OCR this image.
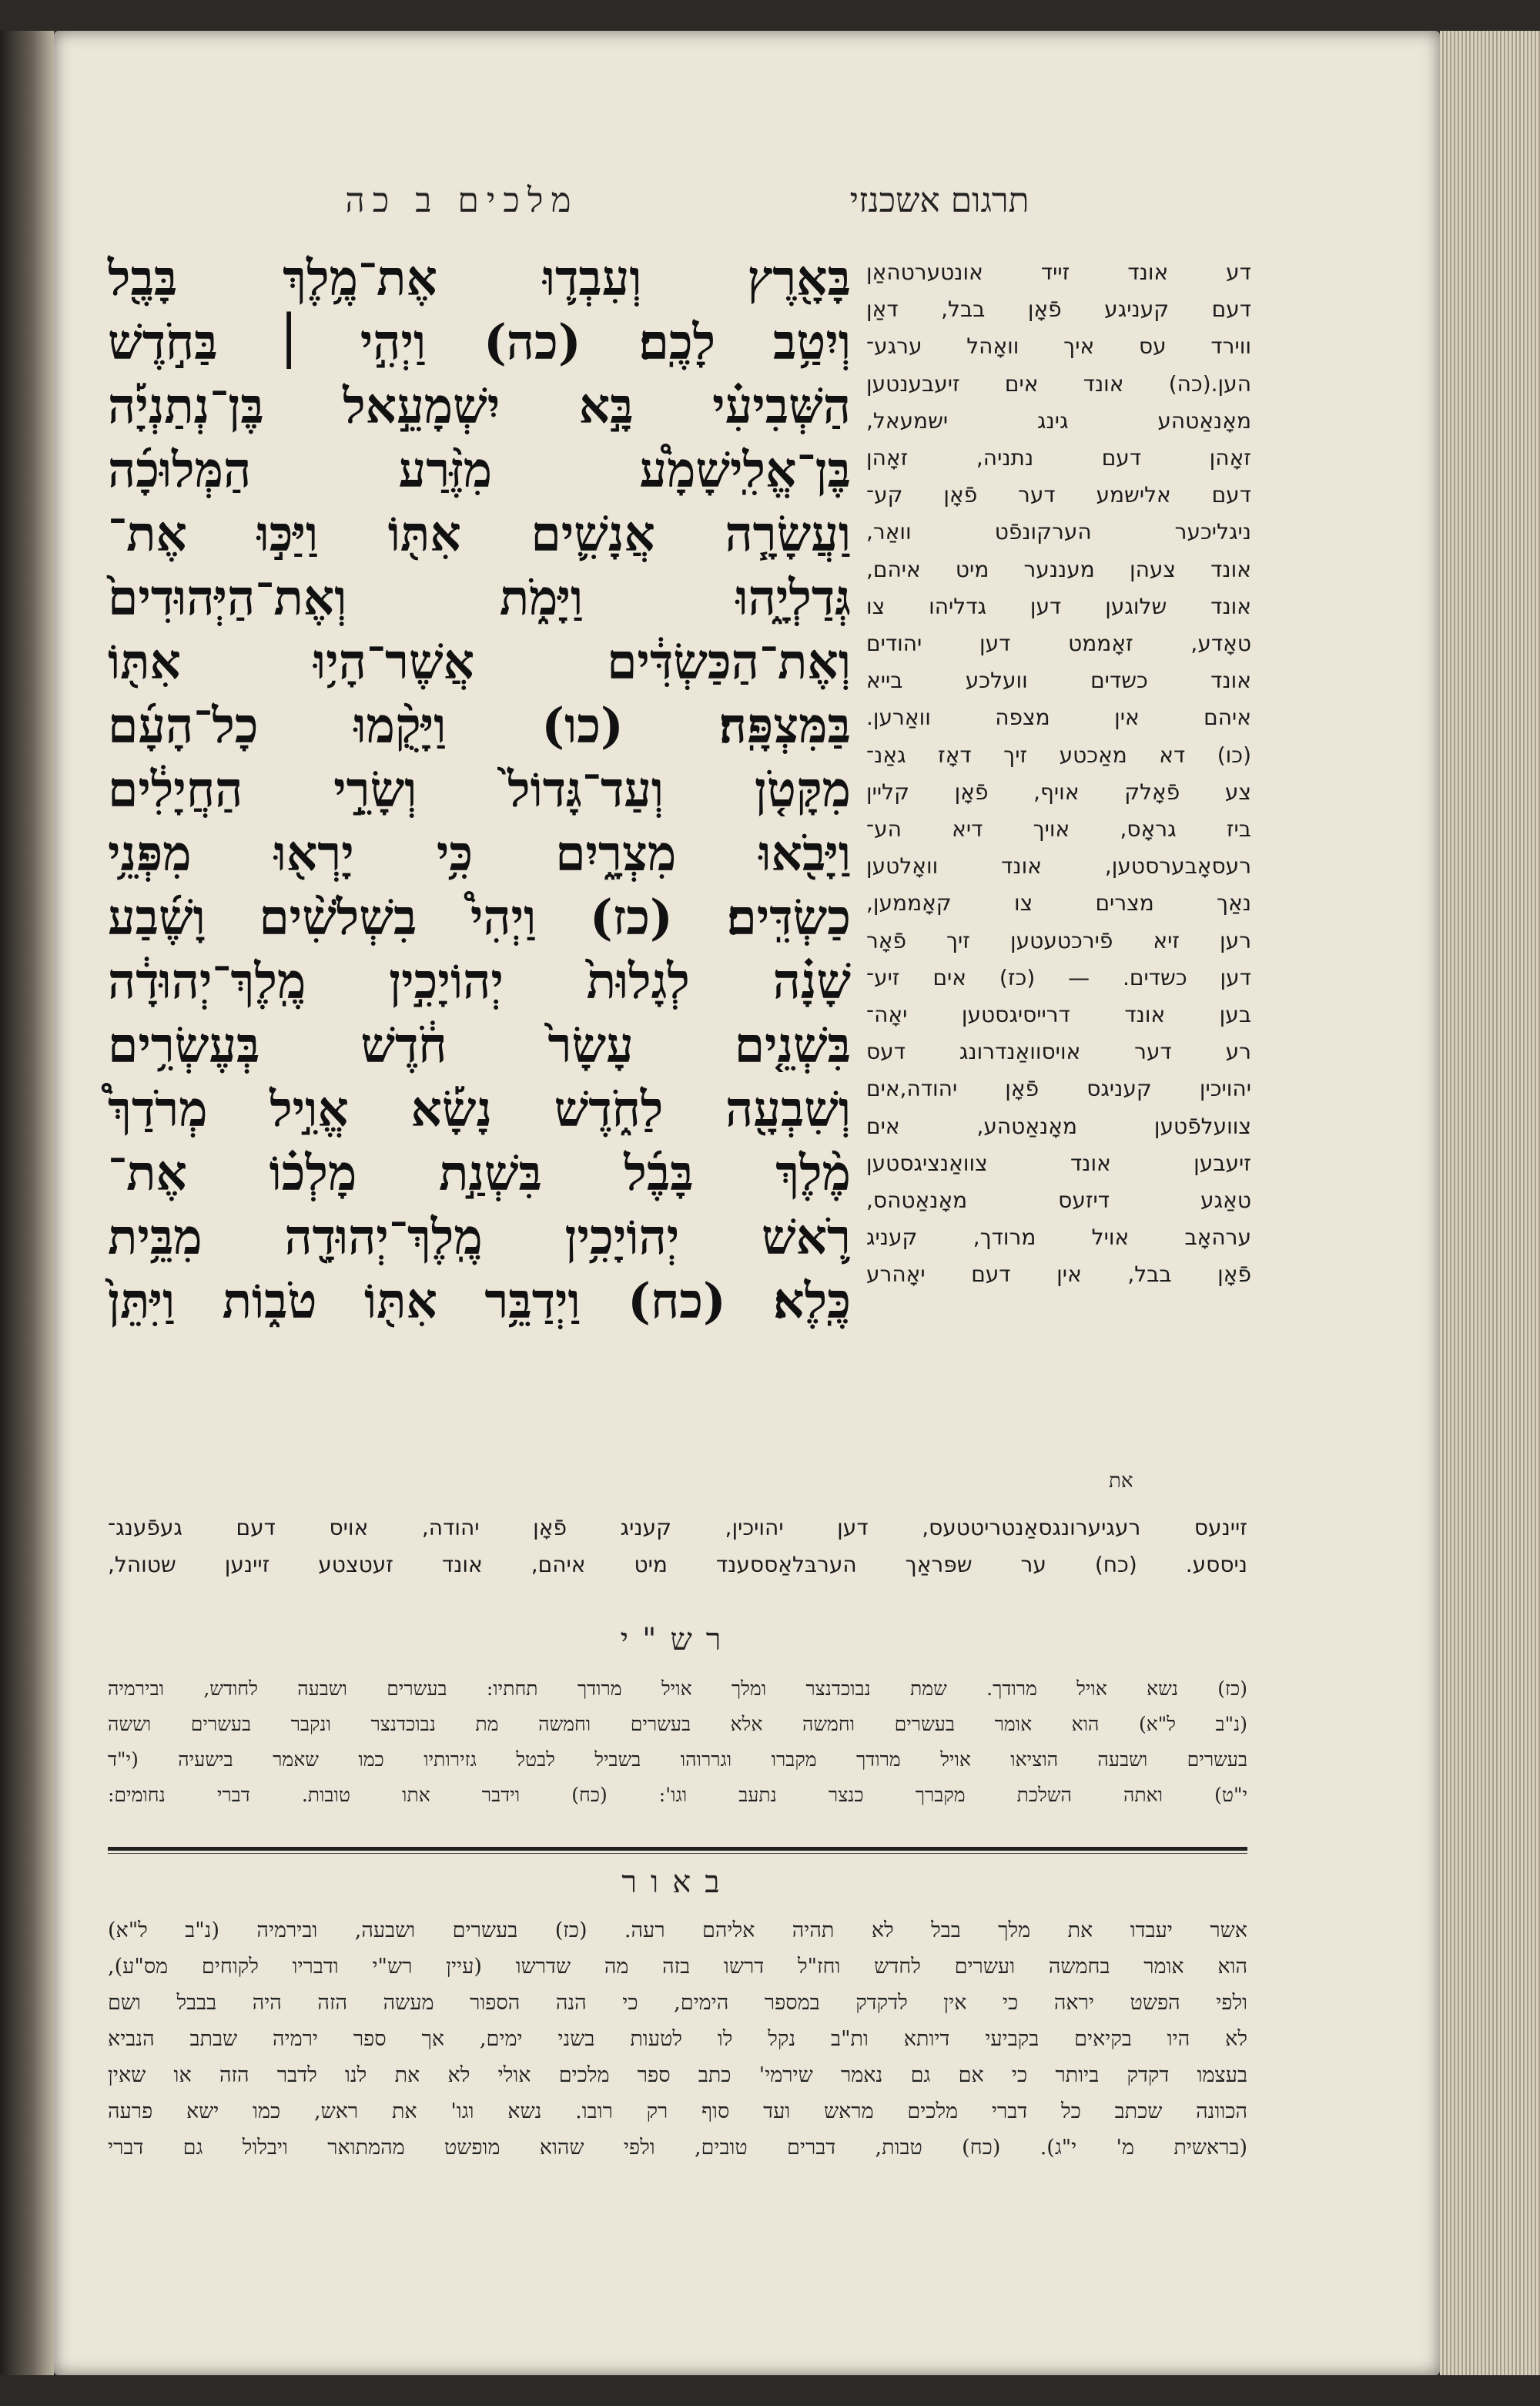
תרגום אשכנזי
מלכים ב כה
בָּאָ֖רֶץ וְעִבְד֛וּ אֶת־מֶ֥לֶךְ בָּבֶ֖ל
וְיִטַ֥ב לָכֶֽם׃ (כה) וַיְהִ֣י ׀ בַּחֹ֣דֶשׁ
הַשְּׁבִיעִ֗י בָּ֣א יִשְׁמָעֵ֣אל בֶּן־נְתַנְיָ֡ה
בֶּן־אֱלִֽישָׁמָ֩ע מִזֶּ֨רַע הַמְּלוּכָ֜ה
וַעֲשָׂרָ֧ה אֲנָשִׁ֛ים אִתּ֖וֹ וַיַּכּ֣וּ אֶת־
גְּדַלְיָ֑הוּ וַיָּמֹ֑ת וְאֶת־הַיְּהוּדִים֙
וְאֶת־הַכַּשְׂדִּ֔ים אֲשֶׁר־הָי֥וּ אִתּ֖וֹ
בַּמִּצְפָּֽה׃ (כו) וַיָּקֻ֨מוּ כָל־הָעָ֜ם
מִקָּטֹ֤ן וְעַד־גָּדוֹל֙ וְשָׂרֵ֣י הַחֲיָלִ֔ים
וַיָּבֹ֖אוּ מִצְרָ֑יִם כִּ֥י יָרְא֖וּ מִפְּנֵ֥י
כַשְׂדִּֽים׃ (כז) וַיְהִי֩ בִשְׁלֹשִׁ֨ים וָשֶׁ֜בַע
שָׁנָ֗ה לְגָלוּת֙ יְהוֹיָכִ֣ין מֶֽלֶךְ־יְהוּדָ֔ה
בִּשְׁנֵ֤ים עָשָׂר֙ חֹ֔דֶשׁ בְּעֶשְׂרִ֥ים
וְשִׁבְעָ֖ה לַחֹ֑דֶשׁ נָשָׂ֡א אֱוִ֣יל מְרֹדַךְ֩
מֶ֨לֶךְ בָּבֶ֜ל בִּשְׁנַ֣ת מָלְכ֗וֹ אֶת־
רֹ֛אשׁ יְהוֹיָכִ֥ין מֶֽלֶךְ־יְהוּדָ֖ה מִבֵּ֥ית
כֶּֽלֶא׃ (כח) וַיְדַבֵּ֥ר אִתּ֖וֹ טֹב֑וֹת וַיִּתֵּן֙
את
דע אונד זייד אונטערטהאַן
דעם קעניגע פֿאָן בבל, דאַן
ווירד עס איך וואָהל ערגע־
הען.(כה) אונד אים זיעבענטען
מאָנאַטהע גינג ישמעאל,
זאָהן דעם נתניה, זאָהן
דעם אלישמע דער פֿאָן קע־
ניגליכער הערקונפֿט וואַר,
אונד צעהן מעננער מיט איהם,
אונד שלוגען דען גדליהו צו
טאָדע, זאָממט דען יהודים
אונד כשדים וועלכע בייא
איהם אין מצפה וואַרען.
(כו) דא מאַכטע זיך דאָז גאַנ־
צע פֿאָלק אויף, פֿאָן קליין
ביז גראָס, אויך דיא הע־
רעסאָבערסטען, אונד וואָלטען
נאַך מצרים צו קאָממען,
רען זיא פֿירכטעטען זיך פֿאָר
דען כשדים. — (כז) אים זיע־
בען אונד דרייסיגסטען יאָה־
רע דער אויסוואַנדרונג דעס
יהויכין קעניגס פֿאָן יהודה,אים
צוועלפֿטען מאָנאַטהע, אים
זיעבען אונד צוואַנציגסטען
טאַגע דיזעס מאָנאַטהס,
ערהאָב אויל מרודך, קעניג
פֿאָן בבל, אין דעם יאָהרע
זיינעס רעגיערונגסאַנטריטטעס, דען יהויכין, קעניג פֿאָן יהודה, אויס דעם געפֿענג־
ניססע. (כח) ער שפּראַך הערבּלאַססענד מיט איהם, אונד זעטצטע זיינען שטוהל,
רש"י
(כז) נשא אויל מרודך. שמת נבוכדנצר ומלך אויל מרודך תחתיו: בעשרים ושבעה לחודש, ובירמיה
(נ"ב ל"א) הוא אומר בעשרים וחמשה אלא בעשרים וחמשה מת נבוכדנצר ונקבר בעשרים וששה
בעשרים ושבעה הוציאו אויל מרודך מקברו וגררוהו בשביל לבטל גזירותיו כמו שאמר בישעיה (י"ד
י"ט) ואתה השלכת מקברך כנצר נתעב וגו': (כח) וידבר אתו טובות. דברי נחומים:
באור
אשר יעבדו את מלך בבל לא תהיה אליהם רעה. (כז) בעשרים ושבעה, ובירמיה (נ"ב ל"א)
הוא אומר בחמשה ועשרים לחדש וחז"ל דרשו בזה מה שדרשו (עיין רש"י ודבריו לקוחים מס"ע),
ולפי הפשט יראה כי אין לדקדק במספר הימים, כי הנה הספור מעשה הזה היה בבבל ושם
לא היו בקיאים בקביעי דיותא ות"ב נקל לו לטעות בשני ימים, אך ספר ירמיה שבתב הנביא
בעצמו דקדק ביותר כי אם גם נאמר שירמי' כתב ספר מלכים אולי לא את לנו לדבר הזה או שאין
הכוונה שכתב כל דברי מלכים מראש ועד סוף רק רובו. נשא וגו' את ראש, כמו ישא פרעה
(בראשית מ' י"ג). (כח) טבות, דברים טובים, ולפי שהוא מופשט מהמתואר ויבלול גם דברי
